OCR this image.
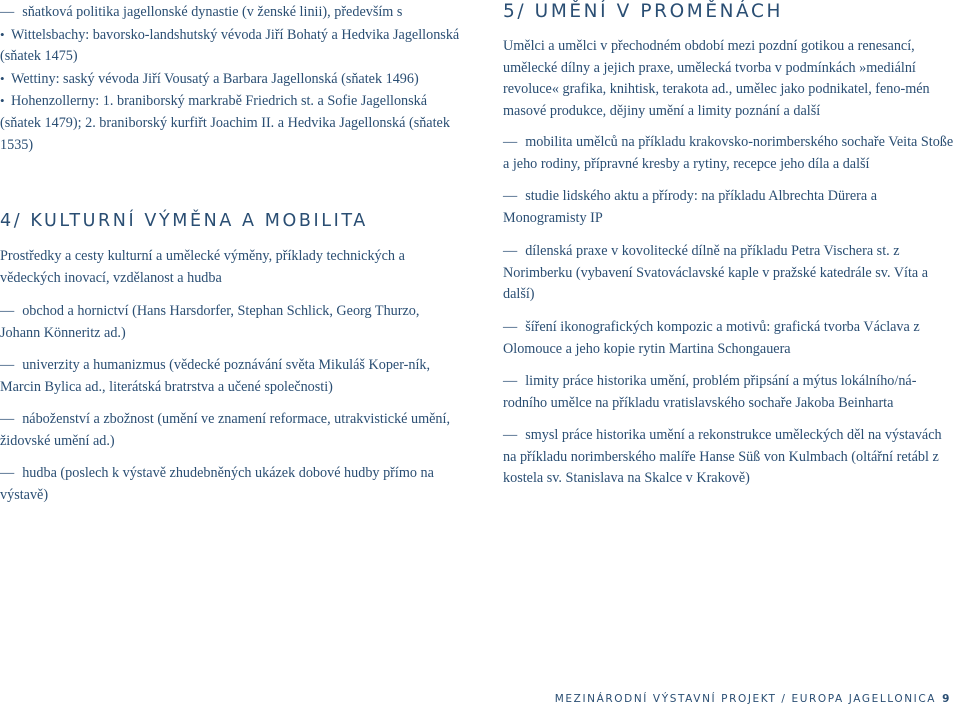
— sňatková politika jagellonské dynastie (v ženské linii), především s
• Wittelsbachy: bavorsko-landshutský vévoda Jiří Bohatý a Hedvika Jagellonská (sňatek 1475)
• Wettiny: saský vévoda Jiří Vousatý a Barbara Jagellonská (sňatek 1496)
• Hohenzollerny: 1. braniborský markrabě Friedrich st. a Sofie Jagellonská (sňatek 1479); 2. braniborský kurfiřt Joachim II. a Hedvika Jagellonská (sňatek 1535)

4/ KULTURNÍ VÝMĚNA A MOBILITA

Prostředky a cesty kulturní a umělecké výměny, příklady technických a vědeckých inovací, vzdělanost a hudba

— obchod a hornictví (Hans Harsdorfer, Stephan Schlick, Georg Thurzo, Johann Könneritz ad.)

— univerzity a humanizmus (vědecké poznávání světa Mikuláš Koper-ník, Marcin Bylica ad., literátská bratrstva a učené společnosti)

— náboženství a zbožnost (umění ve znamení reformace, utrakvistické umění, židovské umění ad.)

— hudba (poslech k výstavě zhudebněných ukázek dobové hudby přímo na výstavě)

5/ UMĚNÍ V PROMĚNÁCH

Umělci a umělci v přechodném období mezi pozdní gotikou a renesancí, umělecké dílny a jejich praxe, umělecká tvorba v podmínkách »mediální revoluce« grafika, knihtisk, terakota ad., umělec jako podnikatel, feno-mén masové produkce, dějiny umění a limity poznání a další

— mobilita umělců na příkladu krakovsko-norimberského sochaře Veita Stoße a jeho rodiny, přípravné kresby a rytiny, recepce jeho díla a další

— studie lidského aktu a přírody: na příkladu Albrechta Dürera a Monogramisty IP

— dílenská praxe v kovolitecké dílně na příkladu Petra Vischera st. z Norimberku (vybavení Svatováclavské kaple v pražské katedrále sv. Víta a další)

— šíření ikonografických kompozic a motivů: grafická tvorba Václava z Olomouce a jeho kopie rytin Martina Schongauera

— limity práce historika umění, problém připsání a mýtus lokálního/ná-rodního umělce na příkladu vratislavského sochaře Jakoba Beinharta

— smysl práce historika umění a rekonstrukce uměleckých děl na výstavách na příkladu norimberského malíře Hanse Süß von Kulmbach (oltářní retábl z kostela sv. Stanislava na Skalce v Krakově)

MEZINÁRODNÍ VÝSTAVNÍ PROJEKT / EUROPA JAGELLONICA 9
